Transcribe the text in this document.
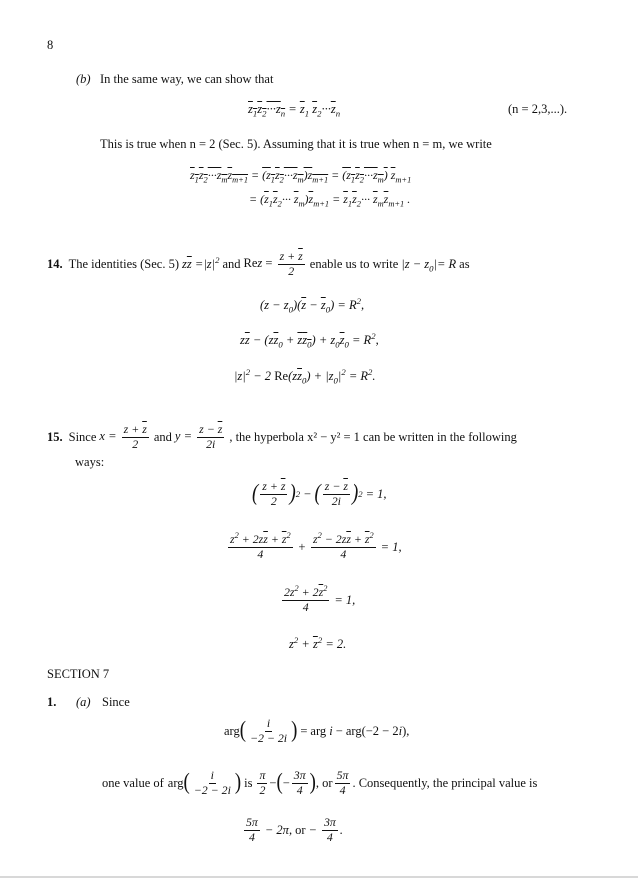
8
(b) In the same way, we can show that
$z_1z_2\cdot\cdot\cdot z_n = \overline{z}_1$ $\overline{z}_2\cdot\cdot\cdot\overline{z}_n$	(n = 2,3,...).
This is true when n = 2 (Sec. 5). Assuming that it is true when n = m, we write
$z_1z_2\cdot\cdot\cdot z_mz_{m+1} = (z_1z_2\cdot\cdot\cdot z_m)z_{m+1} = (z_1z_2\cdot\cdot\cdot z_m)$ $\overline{z}_{m+1}$
= $(\overline{z}_1\overline{z}_2\cdot\cdot\cdot \overline{z}_m)\overline{z}_{m+1} = \overline{z}_1\overline{z}_2\cdot\cdot\cdot \overline{z}_m\overline{z}_{m+1}$ .
14. The identities (Sec. 5) $z\overline{z} =|z|^2$ and Rez = $\frac{z + \overline{z}}{2}$ enable us to write $|z - z_0|= R$ as
$(z - z_0)(\overline{z} - \overline{z}_0) = R^2$,
$z\overline{z} - (z\overline{z}_0 + zz_0) + z_0\overline{z}_0 = R^2$,
$|z|^2 - 2$ $Re(z\overline{z}_0) + |z_0|^2 = R^2$.
15. Since $x = \frac{z + \overline{z}}{2}$ and $y = \frac{z - \overline{z}}{2i}$ , the hyperbola x² − y² = 1 can be written in the following
ways:
( $\frac{z + \overline{z}}{2}$ ) 2 − ( $\frac{z - \overline{z}}{2i}$ ) 2 = 1,
$\frac{z^2 + 2z\overline{z} + \overline{z}^2}{4} + \frac{z^2 - 2z\overline{z} + \overline{z}^2}{4} = 1$,
$\frac{2z^2 + 2\overline{z}^2}{4} = 1$,
$z^2 + \overline{z}^2 = 2$.
SECTION 7
1. (a) Since
arg ( $\frac{i}{-2 - 2i}$ ) = arg i − arg(−2 − 2i),
one value of arg ( $\frac{i}{-2 - 2i}$ ) is $\frac{\pi}{2}$ − ( − $\frac{3\pi}{4}$ ) , or $\frac{5\pi}{4}$ . Consequently, the principal value is
$\frac{5\pi}{4} - 2\pi$, or − $\frac{3\pi}{4}$ .
